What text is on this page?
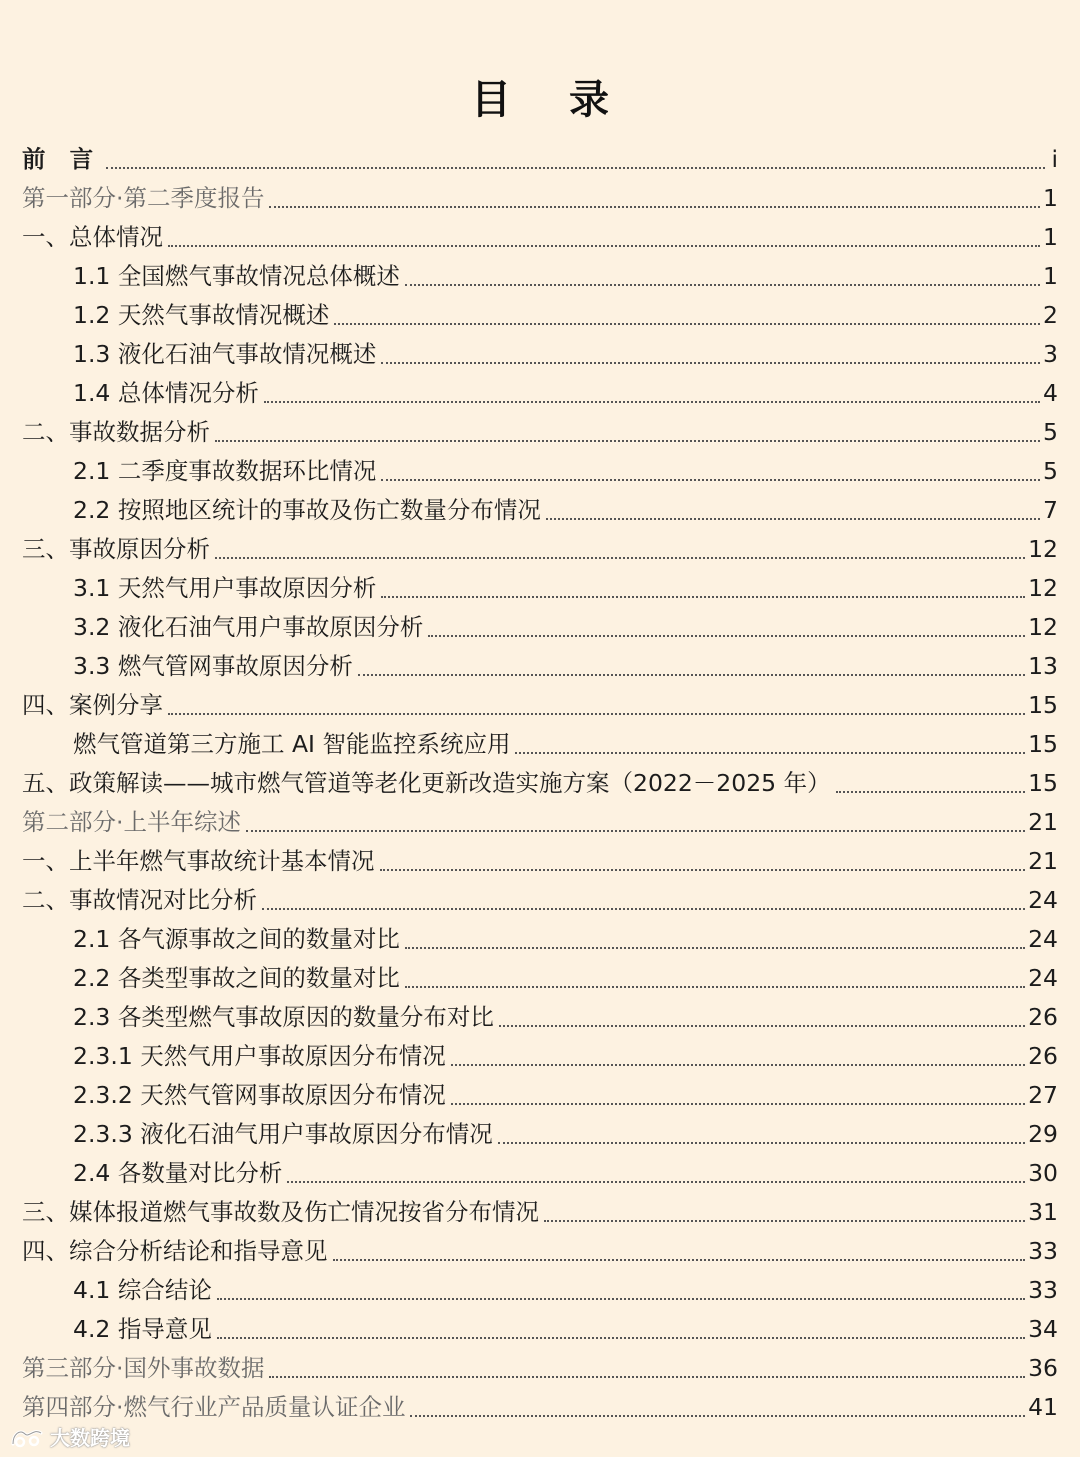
目 录
前 言	i
第一部分·第二季度报告	1
一、总体情况	1
1.1 全国燃气事故情况总体概述	1
1.2 天然气事故情况概述	2
1.3 液化石油气事故情况概述	3
1.4 总体情况分析	4
二、事故数据分析	5
2.1 二季度事故数据环比情况	5
2.2 按照地区统计的事故及伤亡数量分布情况	7
三、事故原因分析	12
3.1 天然气用户事故原因分析	12
3.2 液化石油气用户事故原因分析	12
3.3 燃气管网事故原因分析	13
四、案例分享	15
燃气管道第三方施工 AI 智能监控系统应用	15
五、政策解读——城市燃气管道等老化更新改造实施方案（2022－2025 年）	15
第二部分·上半年综述	21
一、上半年燃气事故统计基本情况	21
二、事故情况对比分析	24
2.1 各气源事故之间的数量对比	24
2.2 各类型事故之间的数量对比	24
2.3 各类型燃气事故原因的数量分布对比	26
2.3.1 天然气用户事故原因分布情况	26
2.3.2 天然气管网事故原因分布情况	27
2.3.3 液化石油气用户事故原因分布情况	29
2.4 各数量对比分析	30
三、媒体报道燃气事故数及伤亡情况按省分布情况	31
四、综合分析结论和指导意见	33
4.1 综合结论	33
4.2 指导意见	34
第三部分·国外事故数据	36
第四部分·燃气行业产品质量认证企业	41
大数跨境
